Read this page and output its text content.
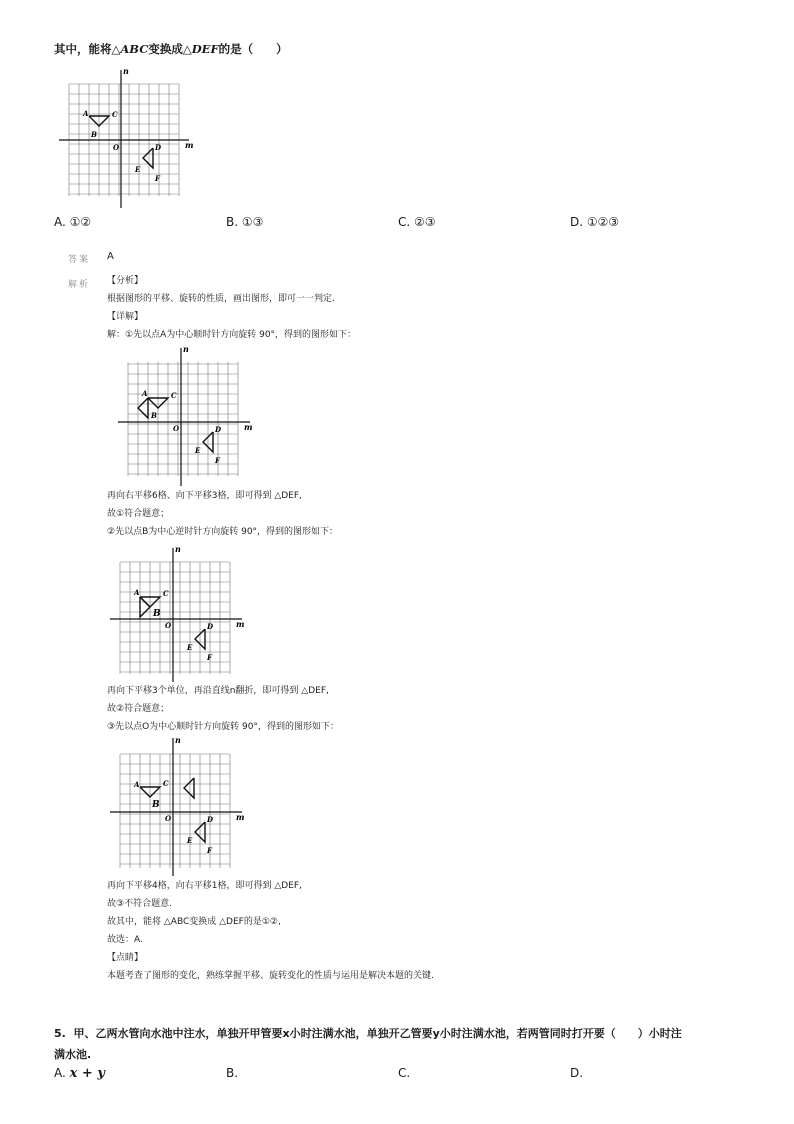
其中，能将△ABC变换成△DEF的是（　　）
n
m
A
B
C
O	D
E
F
A. ①②	B. ①③	C. ②③	D. ①②③
答案 A
解析 【分析】
根据图形的平移、旋转的性质，画出图形，即可一一判定.
【详解】
解：①先以点A为中心顺时针方向旋转 90°，得到的图形如下：
n
m
A
B
C
O	D
E
F
再向右平移6格、向下平移3格，即可得到 △DEF,
故①符合题意；
②先以点B为中心逆时针方向旋转 90°，得到的图形如下：
n
m
A
B
C
O	D
E
F
再向下平移3个单位，再沿直线n翻折，即可得到 △DEF,
故②符合题意；
③先以点O为中心顺时针方向旋转 90°，得到的图形如下：
n
m
A
B
C
O	D
E
F
再向下平移4格，向右平移1格，即可得到 △DEF,
故③不符合题意.
故其中，能将 △ABC变换成 △DEF的是①②,
故选：A.
【点睛】
本题考查了图形的变化，熟练掌握平移、旋转变化的性质与运用是解决本题的关键.
5. 甲、乙两水管向水池中注水，单独开甲管要x小时注满水池，单独开乙管要y小时注满水池，若两管同时打开要（　　）小时注
满水池.
A. x + y	B.	C.	D.
